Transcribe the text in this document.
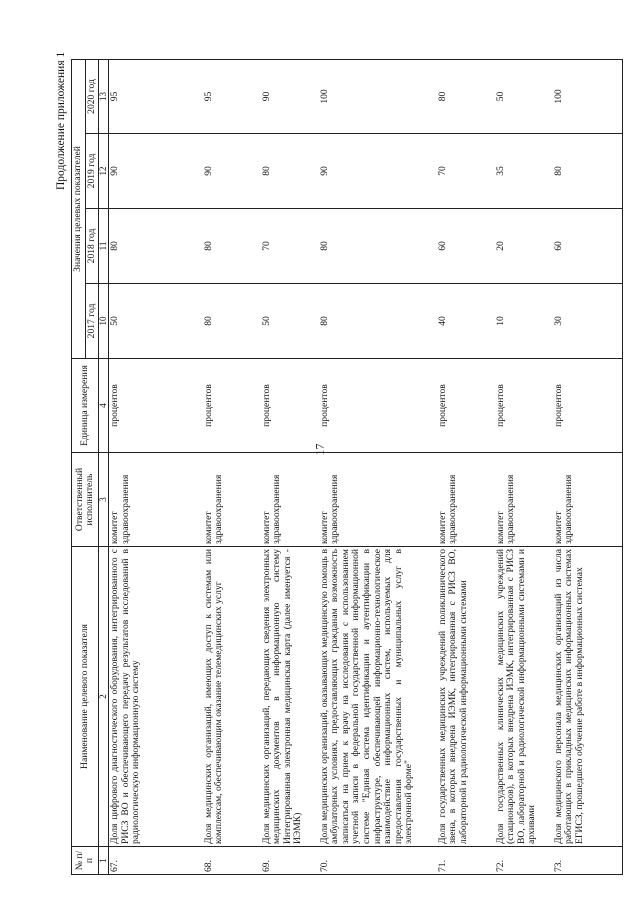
17
Продолжение приложения 1
№ п/п	Наименование целевого показателя	Ответственный исполнитель	Единица измерения	Значения целевых показателей			
				2017 год	2018 год	2019 год	2020 год
1	2	3	4	10	11	12	13
67.	Доля цифрового диагностического оборудования, интегрированного с РИСЗ ВО и обеспечивающего передачу результатов исследований в радиологическую информационную систему	комитет здравоохранения	процентов	50	80	90	95
68.	Доля медицинских организаций, имеющих доступ к системам или комплексам, обеспечивающим оказание телемедицинских услуг	комитет здравоохранения	процентов	80	80	90	95
69.	Доля медицинских организаций, передающих сведения электронных медицинских документов в информационную систему Интегрированная электронная медицинская карта (далее именуется - ИЭМК)	комитет здравоохранения	процентов	50	70	80	90
70.	Доля медицинских организаций, оказывающих медицинскую помощь в амбулаторных условиях, предоставляющих гражданам возможность записаться на прием к врачу на исследования с использованием учетной записи в федеральной государственной информационной системе "Единая система идентификации и аутентификации в инфраструктуре, обеспечивающей информационно-технологическое взаимодействие информационных систем, используемых для предоставления государственных и муниципальных услуг в электронной форме"	комитет здравоохранения	процентов	80	80	90	100
71.	Доля государственных медицинских учреждений поликлинического звена, в которых внедрена ИЭМК, интегрированная с РИСЗ ВО, лабораторной и радиологической информационными системами	комитет здравоохранения	процентов	40	60	70	80
72.	Доля государственных клинических медицинских учреждений (стационаров), в которых внедрена ИЭМК, интегрированная с РИСЗ ВО, лабораторной и радиологической информационными системами и архивами	комитет здравоохранения	процентов	10	20	35	50
73.	Доля медицинского персонала медицинских организаций из числа работающих в прикладных медицинских информационных системах ЕГИСЗ, прошедшего обучение работе в информационных системах	комитет здравоохранения	процентов	30	60	80	100
